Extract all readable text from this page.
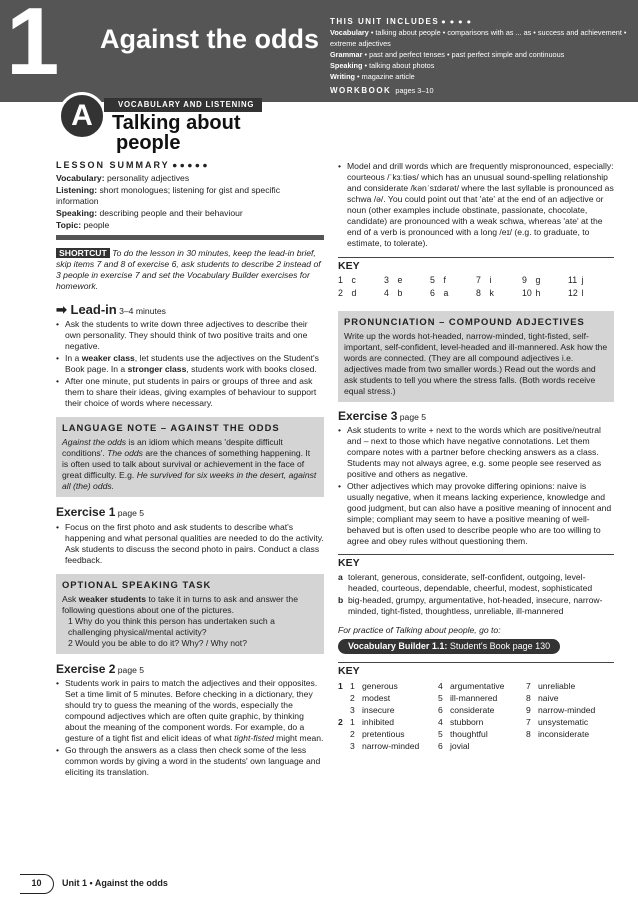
1 Against the odds
THIS UNIT INCLUDES ● ● ● ●
Vocabulary • talking about people • comparisons with as ... as • success and achievement • extreme adjectives
Grammar • past and perfect tenses • past perfect simple and continuous
Speaking • talking about photos
Writing • magazine article
WORKBOOK pages 3–10
A	VOCABULARY AND LISTENING
Talking about
people
LESSON SUMMARY ● ● ● ● ●

Vocabulary: personality adjectives

Listening: short monologues; listening for gist and specific information

Speaking: describing people and their behaviour

Topic: people

SHORTCUT To do the lesson in 30 minutes, keep the lead-in brief, skip items 7 and 8 of exercise 6, ask students to describe 2 instead of 3 people in exercise 7 and set the Vocabulary Builder exercises for homework.

➡ Lead-in 3–4 minutes
• Ask the students to write down three adjectives to describe their own personality. They should think of two positive traits and one negative.
• In a weaker class, let students use the adjectives on the Student's Book page. In a stronger class, students work with books closed.
• After one minute, put students in pairs or groups of three and ask them to share their ideas, giving examples of behaviour to support their choice of words where necessary.
LANGUAGE NOTE – AGAINST THE ODDS

Against the odds is an idiom which means 'despite difficult conditions'. The odds are the chances of something happening. It is often used to talk about survival or achievement in the face of great difficulty. E.g. He survived for six weeks in the desert, against all (the) odds.

Exercise 1 page 5
• Focus on the first photo and ask students to describe what's happening and what personal qualities are needed to do the activity. Ask students to discuss the second photo in pairs. Conduct a class feedback.
OPTIONAL SPEAKING TASK

Ask weaker students to take it in turns to ask and answer the following questions about one of the pictures.

1 Why do you think this person has undertaken such a challenging physical/mental activity?

2 Would you be able to do it? Why? / Why not?

Exercise 2 page 5
• Students work in pairs to match the adjectives and their opposites. Set a time limit of 5 minutes. Before checking in a dictionary, they should try to guess the meaning of the words, especially the compound adjectives which are often quite graphic, by thinking about the meaning of the component words. For example, do a gesture of a tight fist and elicit ideas of what tight-fisted might mean.
• Go through the answers as a class then check some of the less common words by giving a word in the students' own language and eliciting its translation.
• Model and drill words which are frequently mispronounced, especially: courteous /ˈkɜːtiəs/ which has an unusual sound-spelling relationship and considerate /kənˈsɪdərət/ where the last syllable is pronounced as schwa /ə/. You could point out that 'ate' at the end of an adjective or noun (other examples include obstinate, passionate, chocolate, candidate) are pronounced with a weak schwa, whereas 'ate' at the end of a verb is pronounced with a long /eɪ/ (e.g. to graduate, to estimate, to tolerate).
KEY
1 c	3 e	5 f	7 i	9 g	11 j
2 d	4 b	6 a	8 k	10 h	12 l
PRONUNCIATION – COMPOUND ADJECTIVES

Write up the words hot-headed, narrow-minded, tight-fisted, self-important, self-confident, level-headed and ill-mannered. Ask how the words are connected. (They are all compound adjectives i.e. adjectives made from two smaller words.) Read out the words and ask students to tell you where the stress falls. (Both words receive equal stress.)

Exercise 3 page 5
• Ask students to write + next to the words which are positive/neutral and – next to those which have negative connotations. Let them compare notes with a partner before checking answers as a class. Students may not always agree, e.g. some people see reserved as positive and others as negative.
• Other adjectives which may provoke differing opinions: naive is usually negative, when it means lacking experience, knowledge and good judgment, but can also have a positive meaning of innocent and simple; compliant may seem to have a positive meaning of well-behaved but is often used to describe people who are too willing to agree and obey rules without questioning them.
KEY
a tolerant, generous, considerate, self-confident, outgoing, level-headed, courteous, dependable, cheerful, modest, sophisticated
b big-headed, grumpy, argumentative, hot-headed, insecure, narrow-minded, tight-fisted, thoughtless, unreliable, ill-mannered

For practice of Talking about people, go to:

Vocabulary Builder 1.1: Student's Book page 130
KEY
1 1 generous	4 argumentative	7 unreliable
2 modest	5 ill-mannered	8 naive
3 insecure	6 considerate	9 narrow-minded
2 1 inhibited	4 stubborn	7 unsystematic
2 pretentious	5 thoughtful	8 inconsiderate
3 narrow-minded	6 jovial
10	Unit 1 • Against the odds
